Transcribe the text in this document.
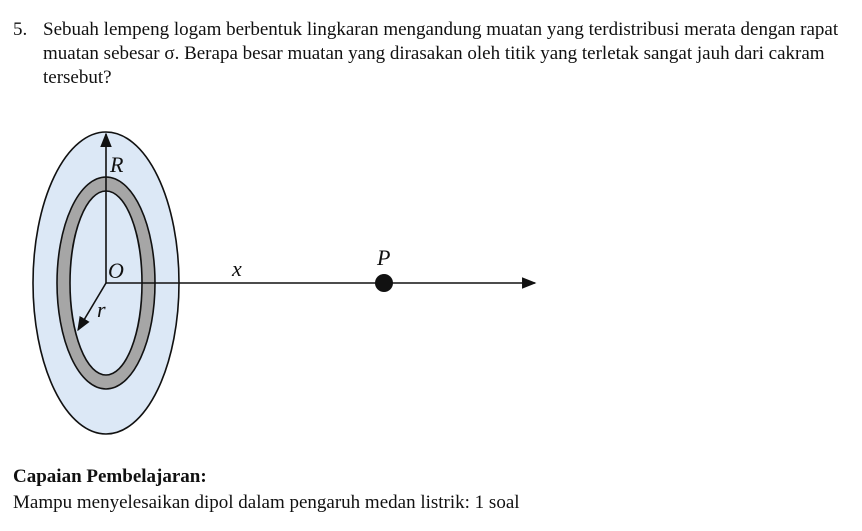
5. Sebuah lempeng logam berbentuk lingkaran mengandung muatan yang terdistribusi merata dengan rapat muatan sebesar σ. Berapa besar muatan yang dirasakan oleh titik yang terletak sangat jauh dari cakram tersebut?
R
O
r
x	P
Capaian Pembelajaran:
Mampu menyelesaikan dipol dalam pengaruh medan listrik: 1 soal
